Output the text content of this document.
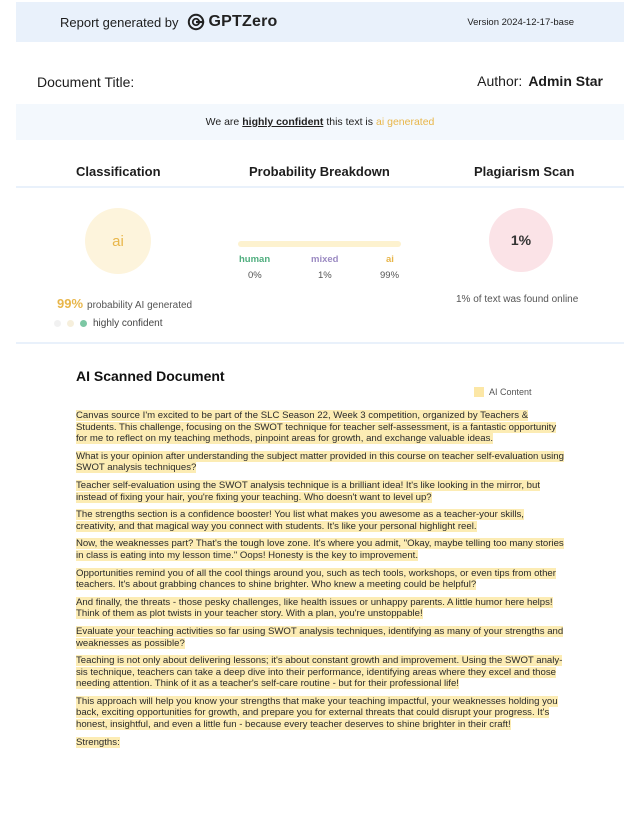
Report generated by GPTZero	Version 2024-12-17-base
Document Title:	Author: Admin Star
We are highly confident this text is ai generated
Classification	Probability Breakdown	Plagiarism Scan
ai
99% probability AI generated
highly confident
human	mixed	ai
0%	1%	99%
1%
1% of text was found online
AI Scanned Document
AI Content

Canvas source I'm excited to be part of the SLC Season 22, Week 3 competition, organized by Teachers & Students. This challenge, focusing on the SWOT technique for teacher self-assessment, is a fantastic opportunity for me to reflect on my teaching methods, pinpoint areas for growth, and exchange valuable ideas.

What is your opinion after understanding the subject matter provided in this course on teacher self-evaluation using SWOT analysis techniques?

Teacher self-evaluation using the SWOT analysis technique is a brilliant idea! It's like looking in the mirror, but instead of fixing your hair, you're fixing your teaching. Who doesn't want to level up?

The strengths section is a confidence booster! You list what makes you awesome as a teacher-your skills, creativity, and that magical way you connect with students. It's like your personal highlight reel.

Now, the weaknesses part? That's the tough love zone. It's where you admit, "Okay, maybe telling too many stories in class is eating into my lesson time." Oops! Honesty is the key to improvement.

Opportunities remind you of all the cool things around you, such as tech tools, workshops, or even tips from other teachers. It's about grabbing chances to shine brighter. Who knew a meeting could be helpful?

And finally, the threats - those pesky challenges, like health issues or unhappy parents. A little humor here helps! Think of them as plot twists in your teacher story. With a plan, you're unstoppable!

Evaluate your teaching activities so far using SWOT analysis techniques, identifying as many of your strengths and weaknesses as possible?

Teaching is not only about delivering lessons; it's about constant growth and improvement. Using the SWOT analy-sis technique, teachers can take a deep dive into their performance, identifying areas where they excel and those needing attention. Think of it as a teacher's self-care routine - but for their professional life!

This approach will help you know your strengths that make your teaching impactful, your weaknesses holding you back, exciting opportunities for growth, and prepare you for external threats that could disrupt your progress. It's honest, insightful, and even a little fun - because every teacher deserves to shine brighter in their craft!

Strengths:
